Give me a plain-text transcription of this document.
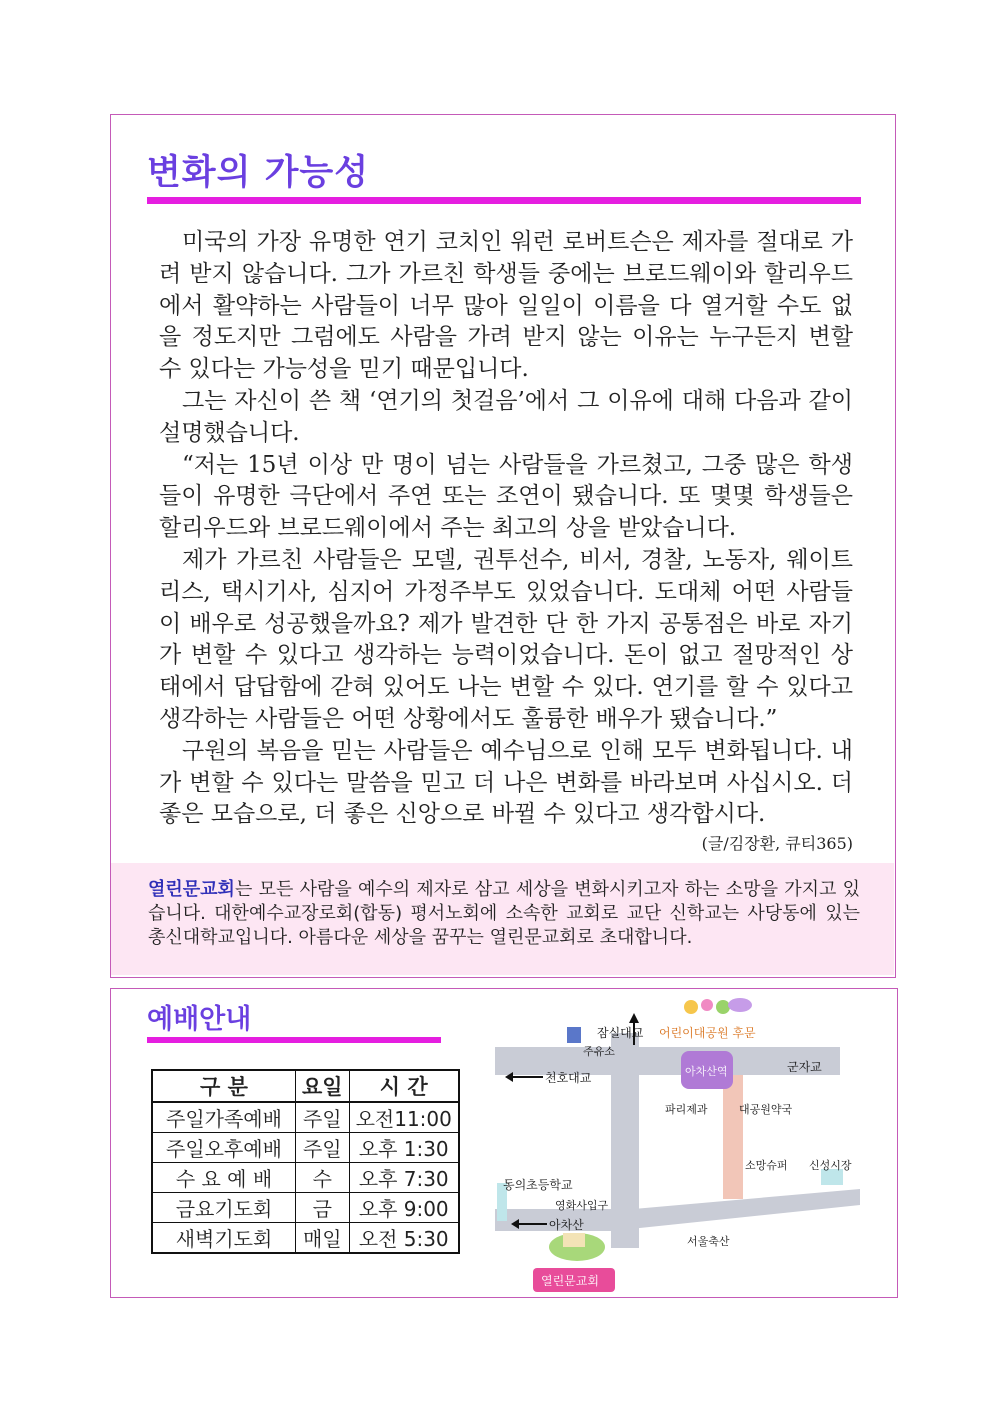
변화의 가능성

미국의 가장 유명한 연기 코치인 워런 로버트슨은 제자를 절대로 가려 받지 않습니다. 그가 가르친 학생들 중에는 브로드웨이와 할리우드에서 활약하는 사람들이 너무 많아 일일이 이름을 다 열거할 수도 없을 정도지만 그럼에도 사람을 가려 받지 않는 이유는 누구든지 변할 수 있다는 가능성을 믿기 때문입니다.

그는 자신이 쓴 책 ‘연기의 첫걸음’에서 그 이유에 대해 다음과 같이 설명했습니다.

“저는 15년 이상 만 명이 넘는 사람들을 가르쳤고, 그중 많은 학생들이 유명한 극단에서 주연 또는 조연이 됐습니다. 또 몇몇 학생들은 할리우드와 브로드웨이에서 주는 최고의 상을 받았습니다.

제가 가르친 사람들은 모델, 권투선수, 비서, 경찰, 노동자, 웨이트리스, 택시기사, 심지어 가정주부도 있었습니다. 도대체 어떤 사람들이 배우로 성공했을까요? 제가 발견한 단 한 가지 공통점은 바로 자기가 변할 수 있다고 생각하는 능력이었습니다. 돈이 없고 절망적인 상태에서 답답함에 갇혀 있어도 나는 변할 수 있다. 연기를 할 수 있다고 생각하는 사람들은 어떤 상황에서도 훌륭한 배우가 됐습니다.”

구원의 복음을 믿는 사람들은 예수님으로 인해 모두 변화됩니다. 내가 변할 수 있다는 말씀을 믿고 더 나은 변화를 바라보며 사십시오. 더 좋은 모습으로, 더 좋은 신앙으로 바뀔 수 있다고 생각합시다.

(글/김장환, 큐티365)

열린문교회는 모든 사람을 예수의 제자로 삼고 세상을 변화시키고자 하는 소망을 가지고 있습니다. 대한예수교장로회(합동) 평서노회에 소속한 교회로 교단 신학교는 사당동에 있는 총신대학교입니다. 아름다운 세상을 꿈꾸는 열린문교회로 초대합니다.
예배안내
구 분	요일	시 간
주일가족예배	주일	오전11:00
주일오후예배	주일	오후 1:30
수 요 예 배	수	오후 7:30
금요기도회	금	오후 9:00
새벽기도회	매일	오전 5:30
잠실대교 어린이대공원 후문
주유소
천호대교	아차산역	군자교
파리제과	대공원약국
동의초등학교
소망슈퍼 신성시장
영화사입구
아차산
서울축산
열린문교회
